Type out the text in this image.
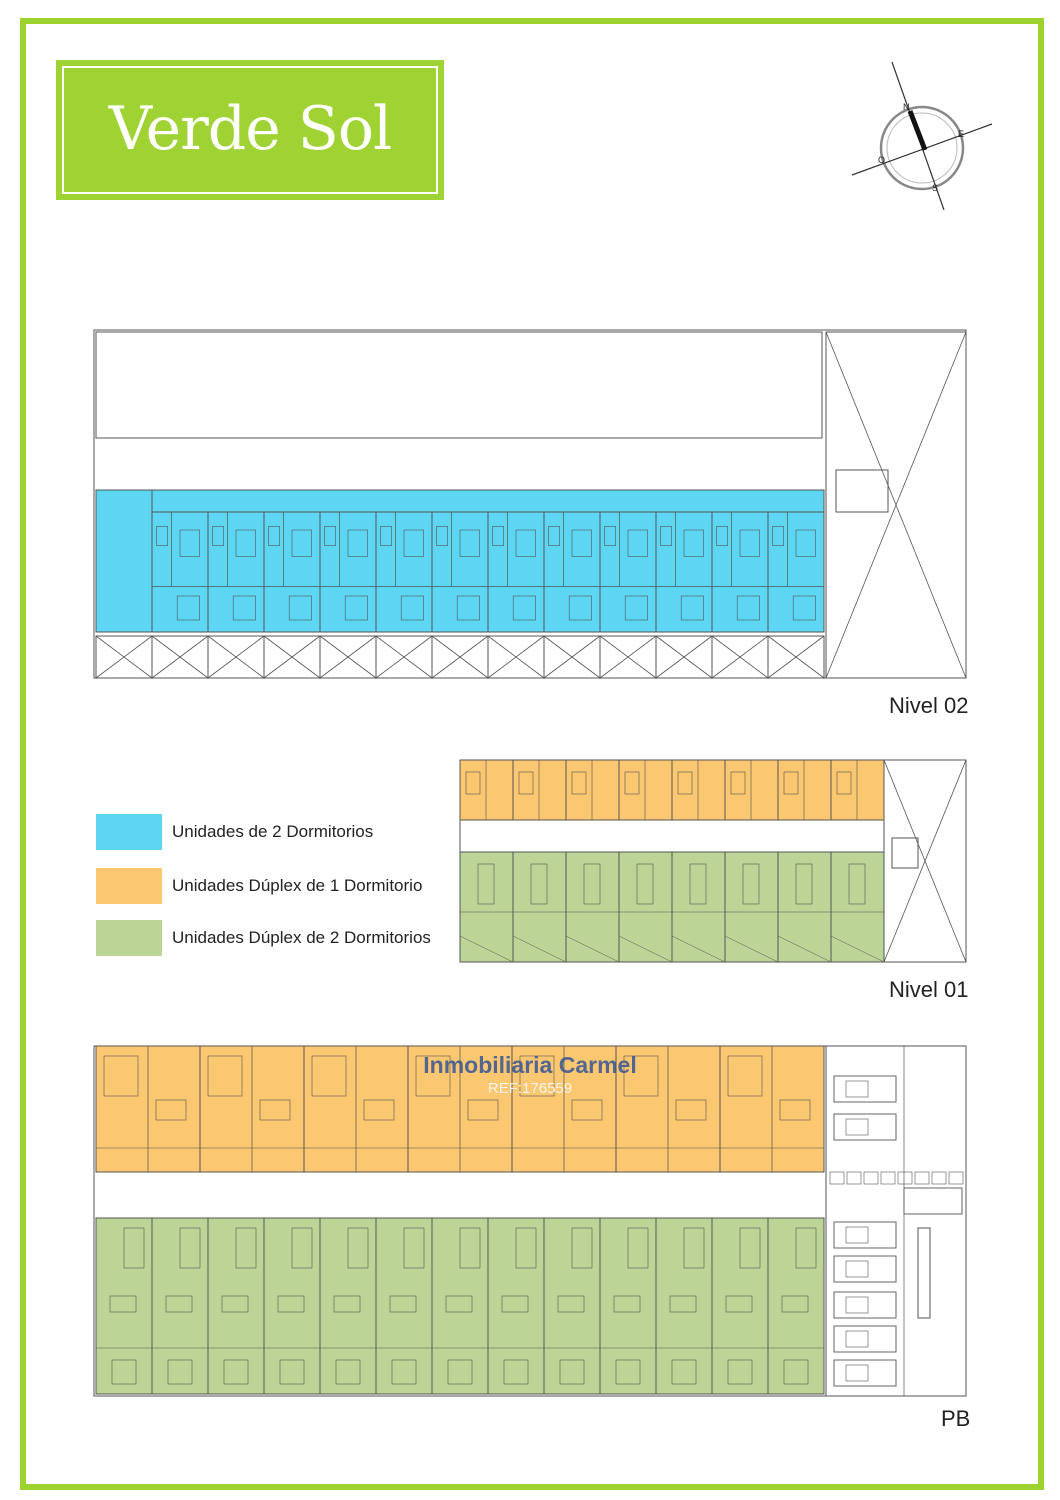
Verde Sol	N
E
S
O
Nivel 02
Nivel 01
PB
Unidades de 2 Dormitorios
Unidades Dúplex de 1 Dormitorio
Unidades Dúplex de 2 Dormitorios
Inmobiliaria Carmel
REF:176559
